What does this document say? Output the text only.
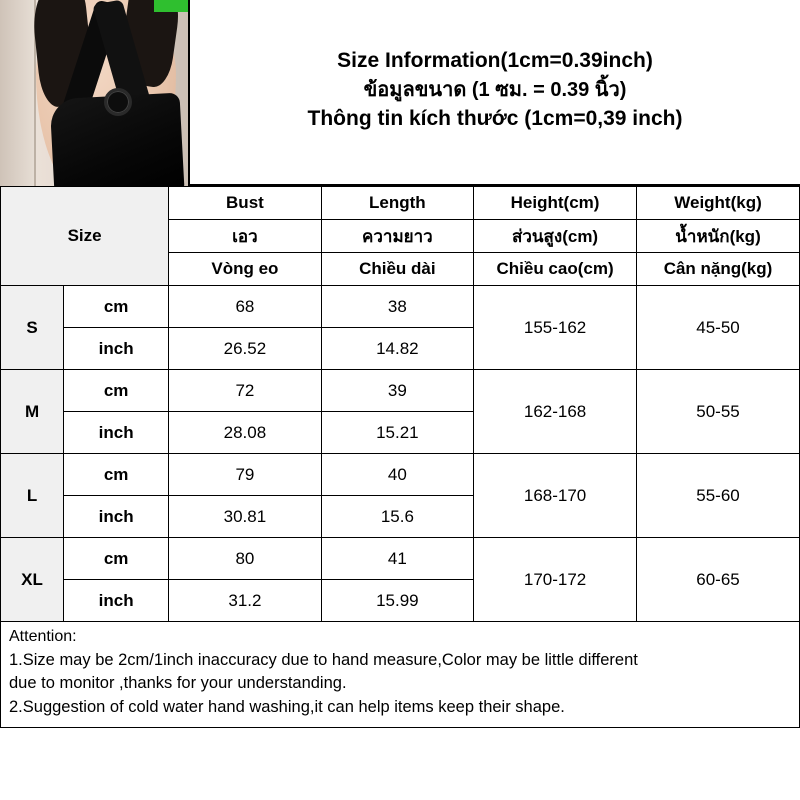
Size Information(1cm=0.39inch)
ข้อมูลขนาด (1 ซม. = 0.39 นิ้ว)
Thông tin kích thước (1cm=0,39 inch)
Size		Bust	Length	Height(cm)	Weight(kg)
		เอว	ความยาว	ส่วนสูง(cm)	น้ำหนัก(kg)
		Vòng eo	Chiều dài	Chiều cao(cm)	Cân nặng(kg)
S	cm	68	38	155-162	45-50
	inch	26.52	14.82		
M	cm	72	39	162-168	50-55
	inch	28.08	15.21		
L	cm	79	40	168-170	55-60
	inch	30.81	15.6		
XL	cm	80	41	170-172	60-65
	inch	31.2	15.99		

Attention:

1.Size may be 2cm/1inch inaccuracy due to hand measure,Color may be little different

due to monitor ,thanks for your understanding.

2.Suggestion of cold water hand washing,it can help items keep their shape.
